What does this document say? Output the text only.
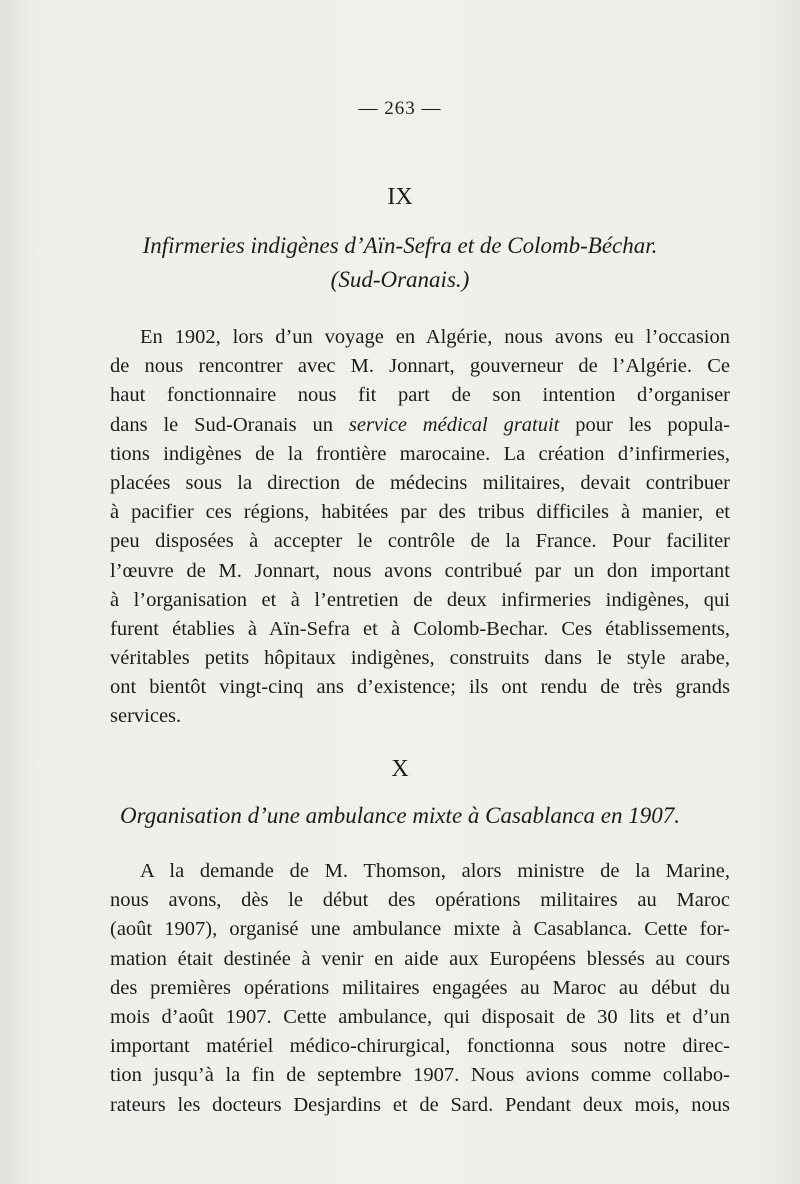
— 263 —
IX
Infirmeries indigènes d’Aïn-Sefra et de Colomb-Béchar.
(Sud-Oranais.)
En 1902, lors d’un voyage en Algérie, nous avons eu l’occasion
de nous rencontrer avec M. Jonnart, gouverneur de l’Algérie. Ce
haut fonctionnaire nous fit part de son intention d’organiser
dans le Sud-Oranais un service médical gratuit pour les popula-
tions indigènes de la frontière marocaine. La création d’infirmeries,
placées sous la direction de médecins militaires, devait contribuer
à pacifier ces régions, habitées par des tribus difficiles à manier, et
peu disposées à accepter le contrôle de la France. Pour faciliter
l’œuvre de M. Jonnart, nous avons contribué par un don important
à l’organisation et à l’entretien de deux infirmeries indigènes, qui
furent établies à Aïn-Sefra et à Colomb-Bechar. Ces établissements,
véritables petits hôpitaux indigènes, construits dans le style arabe,
ont bientôt vingt-cinq ans d’existence; ils ont rendu de très grands
services.
X
Organisation d’une ambulance mixte à Casablanca en 1907.
A la demande de M. Thomson, alors ministre de la Marine,
nous avons, dès le début des opérations militaires au Maroc
(août 1907), organisé une ambulance mixte à Casablanca. Cette for-
mation était destinée à venir en aide aux Européens blessés au cours
des premières opérations militaires engagées au Maroc au début du
mois d’août 1907. Cette ambulance, qui disposait de 30 lits et d’un
important matériel médico-chirurgical, fonctionna sous notre direc-
tion jusqu’à la fin de septembre 1907. Nous avions comme collabo-
rateurs les docteurs Desjardins et de Sard. Pendant deux mois, nous
